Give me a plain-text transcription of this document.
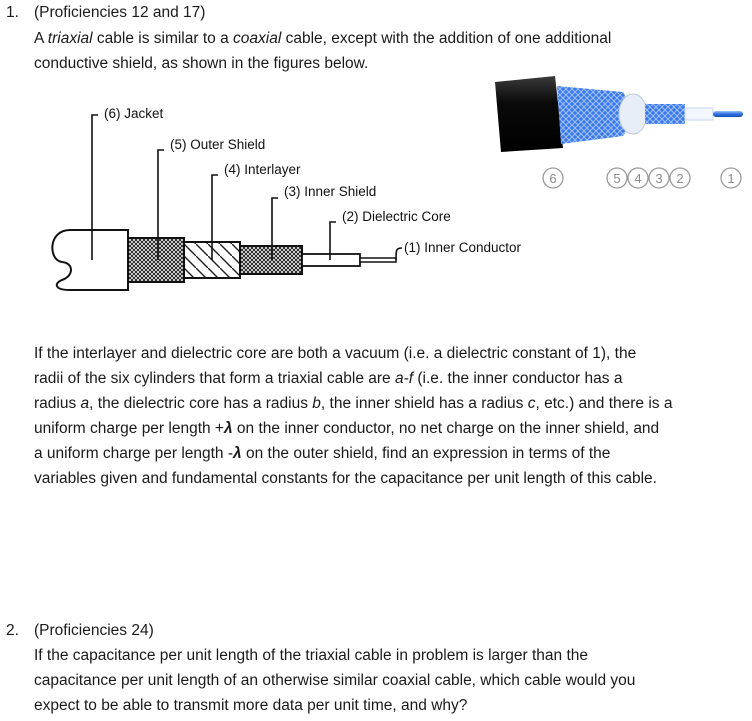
1. (Proficiencies 12 and 17)
A triaxial cable is similar to a coaxial cable, except with the addition of one additional
conductive shield, as shown in the figures below.
(6) Jacket
(5) Outer Shield
(4) Interlayer
(3) Inner Shield
(2) Dielectric Core
(1) Inner Conductor
6	5 4 3 2	1
If the interlayer and dielectric core are both a vacuum (i.e. a dielectric constant of 1), the
radii of the six cylinders that form a triaxial cable are a-f (i.e. the inner conductor has a
radius a, the dielectric core has a radius b, the inner shield has a radius c, etc.) and there is a
uniform charge per length +λ on the inner conductor, no net charge on the inner shield, and
a uniform charge per length -λ on the outer shield, find an expression in terms of the
variables given and fundamental constants for the capacitance per unit length of this cable.
2. (Proficiencies 24)
If the capacitance per unit length of the triaxial cable in problem is larger than the
capacitance per unit length of an otherwise similar coaxial cable, which cable would you
expect to be able to transmit more data per unit time, and why?
